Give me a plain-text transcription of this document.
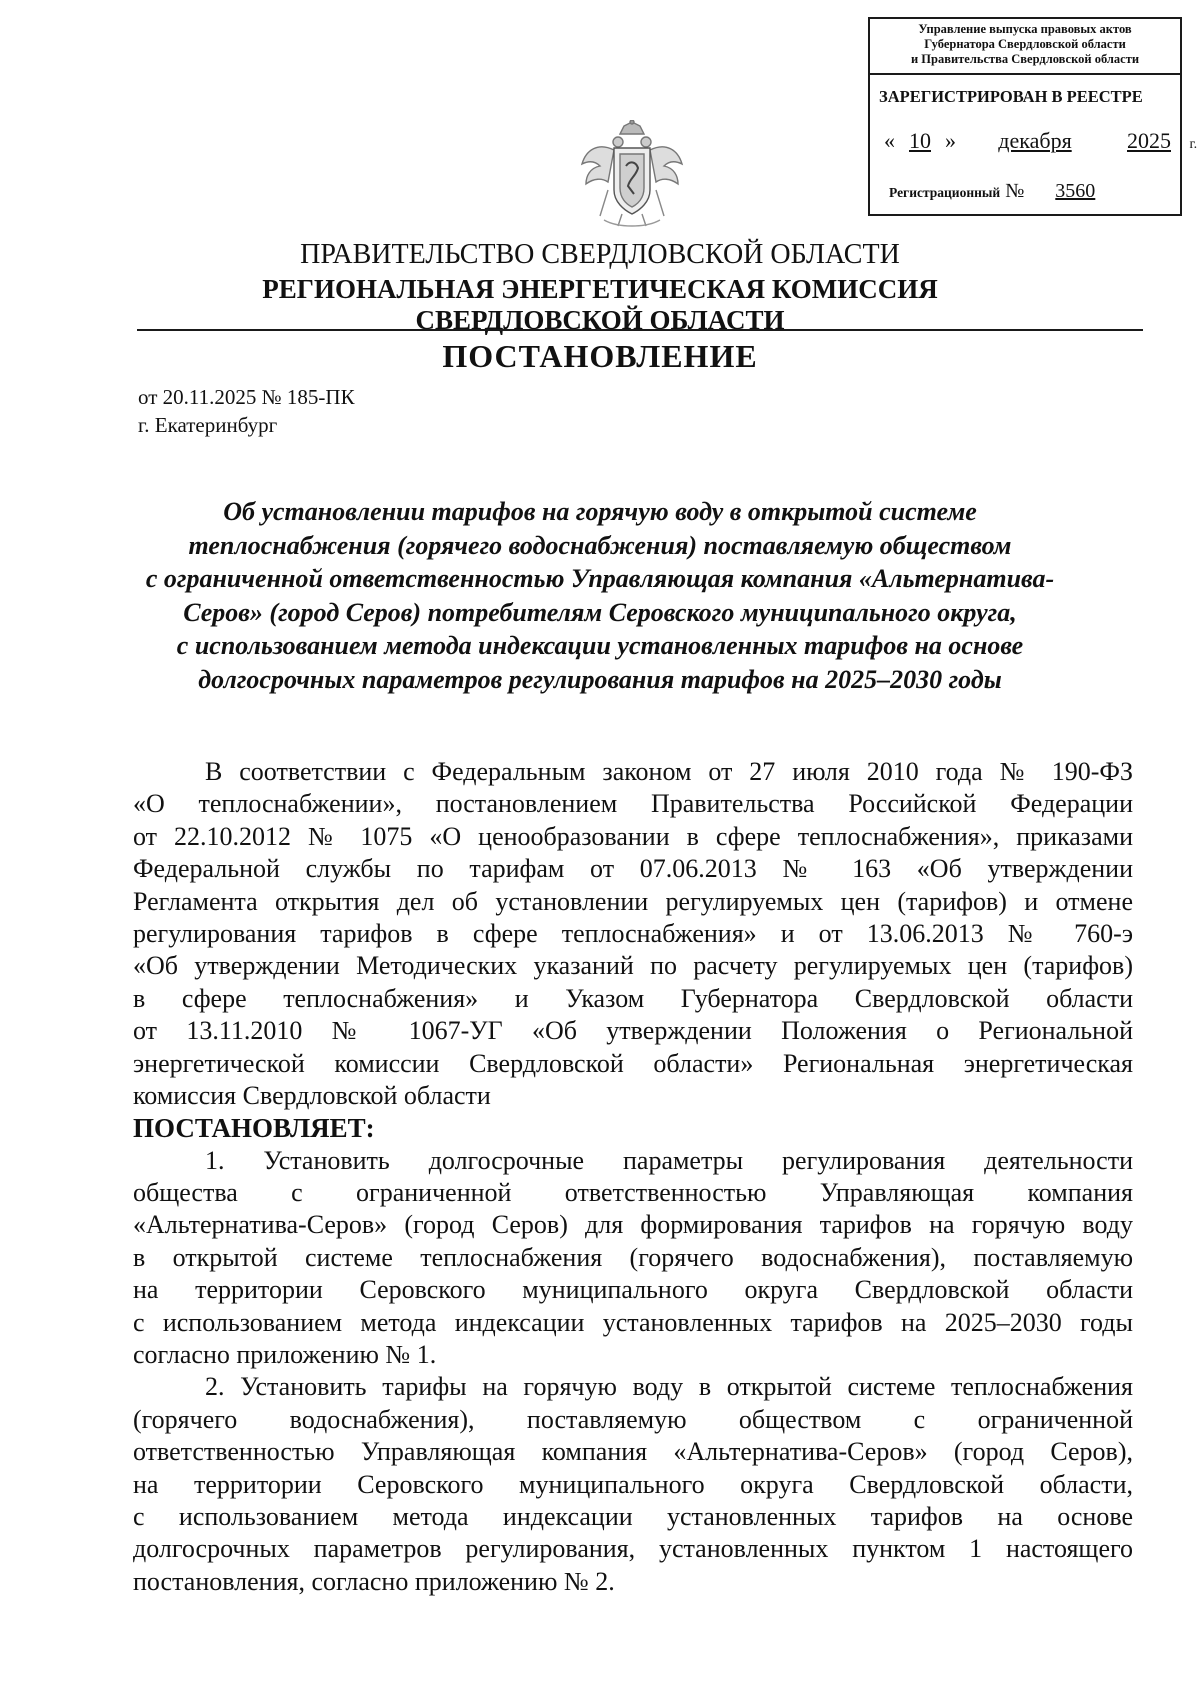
Управление выпуска правовых актов
Губернатора Свердловской области
и Правительства Свердловской области
ЗАРЕГИСТРИРОВАН В РЕЕСТРЕ
« 10 » декабря	2025 г.
Регистрационный № 3560
ПРАВИТЕЛЬСТВО СВЕРДЛОВСКОЙ ОБЛАСТИ
РЕГИОНАЛЬНАЯ ЭНЕРГЕТИЧЕСКАЯ КОМИССИЯ
СВЕРДЛОВСКОЙ ОБЛАСТИ
ПОСТАНОВЛЕНИЕ
от 20.11.2025 № 185-ПК
г. Екатеринбург
Об установлении тарифов на горячую воду в открытой системе
теплоснабжения (горячего водоснабжения) поставляемую обществом
с ограниченной ответственностью Управляющая компания «Альтернатива-
Серов» (город Серов) потребителям Серовского муниципального округа,
с использованием метода индексации установленных тарифов на основе
долгосрочных параметров регулирования тарифов на 2025–2030 годы
В соответствии с Федеральным законом от 27 июля 2010 года № 190-ФЗ
«О теплоснабжении», постановлением Правительства Российской Федерации
от 22.10.2012 № 1075 «О ценообразовании в сфере теплоснабжения», приказами
Федеральной службы по тарифам от 07.06.2013 № 163 «Об утверждении
Регламента открытия дел об установлении регулируемых цен (тарифов) и отмене
регулирования тарифов в сфере теплоснабжения» и от 13.06.2013 № 760-э
«Об утверждении Методических указаний по расчету регулируемых цен (тарифов)
в сфере теплоснабжения» и Указом Губернатора Свердловской области
от 13.11.2010 № 1067-УГ «Об утверждении Положения о Региональной
энергетической комиссии Свердловской области» Региональная энергетическая
комиссия Свердловской области
ПОСТАНОВЛЯЕТ:
1. Установить долгосрочные параметры регулирования деятельности
общества с ограниченной ответственностью Управляющая компания
«Альтернатива-Серов» (город Серов) для формирования тарифов на горячую воду
в открытой системе теплоснабжения (горячего водоснабжения), поставляемую
на территории Серовского муниципального округа Свердловской области
с использованием метода индексации установленных тарифов на 2025–2030 годы
согласно приложению № 1.
2. Установить тарифы на горячую воду в открытой системе теплоснабжения
(горячего водоснабжения), поставляемую обществом с ограниченной
ответственностью Управляющая компания «Альтернатива-Серов» (город Серов),
на территории Серовского муниципального округа Свердловской области,
с использованием метода индексации установленных тарифов на основе
долгосрочных параметров регулирования, установленных пунктом 1 настоящего
постановления, согласно приложению № 2.
